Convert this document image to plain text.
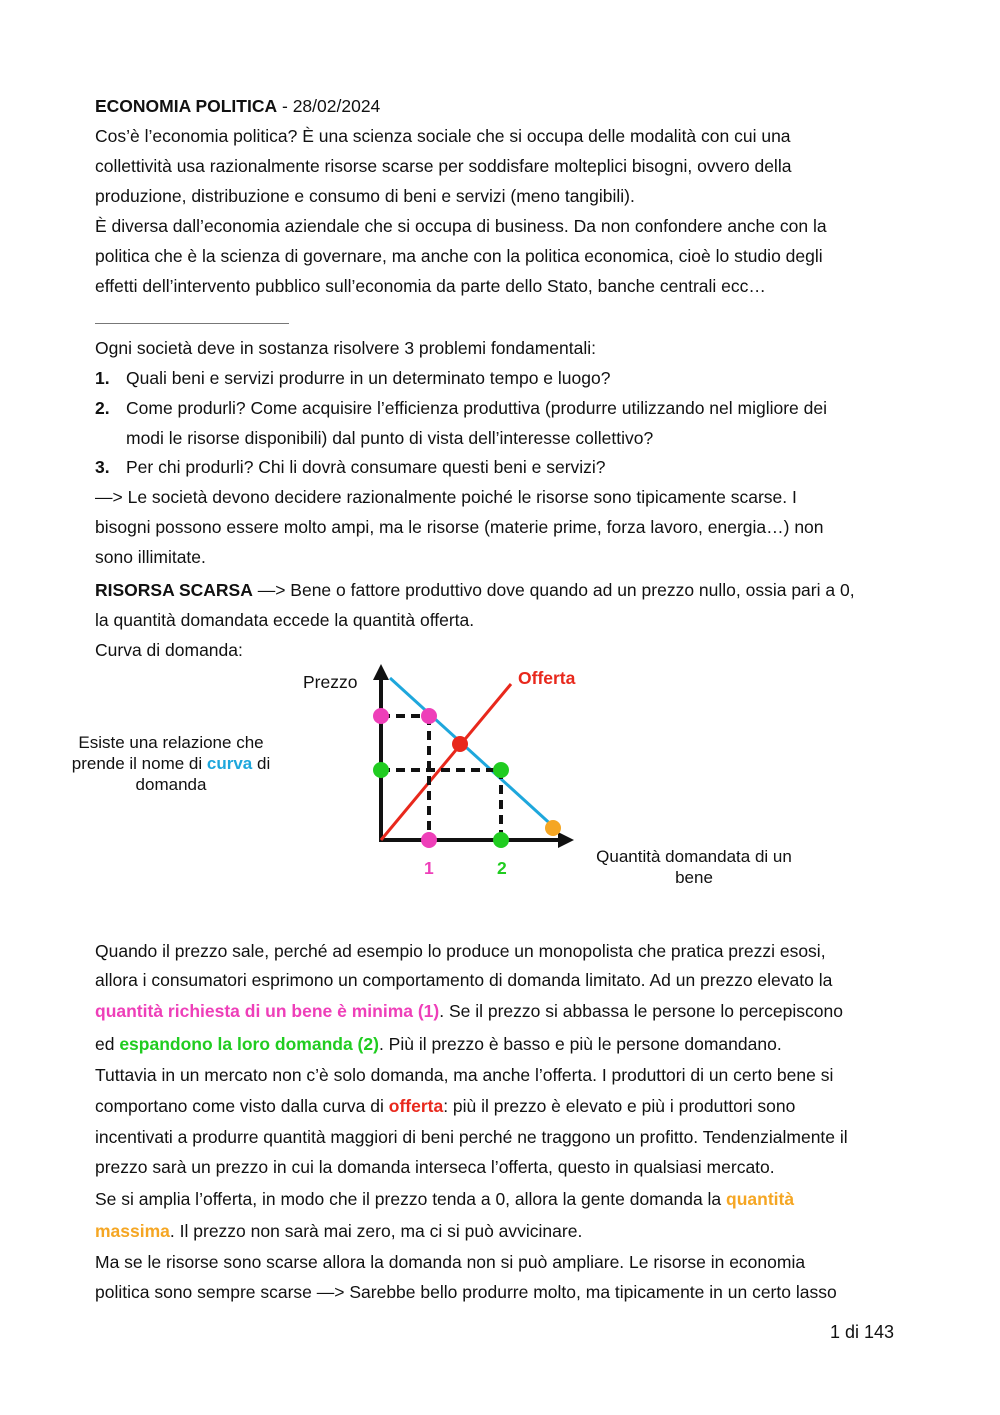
ECONOMIA POLITICA - 28/02/2024
Cos’è l’economia politica? È una scienza sociale che si occupa delle modalità con cui una
collettività usa razionalmente risorse scarse per soddisfare molteplici bisogni, ovvero della
produzione, distribuzione e consumo di beni e servizi (meno tangibili).
È diversa dall’economia aziendale che si occupa di business. Da non confondere anche con la
politica che è la scienza di governare, ma anche con la politica economica, cioè lo studio degli
effetti dell’intervento pubblico sull’economia da parte dello Stato, banche centrali ecc…
Ogni società deve in sostanza risolvere 3 problemi fondamentali:
1. Quali beni e servizi produrre in un determinato tempo e luogo?
2. Come produrli? Come acquisire l’efficienza produttiva (produrre utilizzando nel migliore dei
modi le risorse disponibili) dal punto di vista dell’interesse collettivo?
3. Per chi produrli? Chi li dovrà consumare questi beni e servizi?
—> Le società devono decidere razionalmente poiché le risorse sono tipicamente scarse. I
bisogni possono essere molto ampi, ma le risorse (materie prime, forza lavoro, energia…) non
sono illimitate.
RISORSA SCARSA —> Bene o fattore produttivo dove quando ad un prezzo nullo, ossia pari a 0,
la quantità domandata eccede la quantità offerta.
Curva di domanda:
Esiste una relazione che prende il nome di curva di domanda
Prezzo	Offerta
Quantità domandata di un bene
1	2
Quando il prezzo sale, perché ad esempio lo produce un monopolista che pratica prezzi esosi,
allora i consumatori esprimono un comportamento di domanda limitato. Ad un prezzo elevato la
quantità richiesta di un bene è minima (1). Se il prezzo si abbassa le persone lo percepiscono
ed espandono la loro domanda (2). Più il prezzo è basso e più le persone domandano.
Tuttavia in un mercato non c’è solo domanda, ma anche l’offerta. I produttori di un certo bene si
comportano come visto dalla curva di offerta: più il prezzo è elevato e più i produttori sono
incentivati a produrre quantità maggiori di beni perché ne traggono un profitto. Tendenzialmente il
prezzo sarà un prezzo in cui la domanda interseca l’offerta, questo in qualsiasi mercato.
Se si amplia l’offerta, in modo che il prezzo tenda a 0, allora la gente domanda la quantità
massima. Il prezzo non sarà mai zero, ma ci si può avvicinare.
Ma se le risorse sono scarse allora la domanda non si può ampliare. Le risorse in economia
politica sono sempre scarse —> Sarebbe bello produrre molto, ma tipicamente in un certo lasso
1 di 143
